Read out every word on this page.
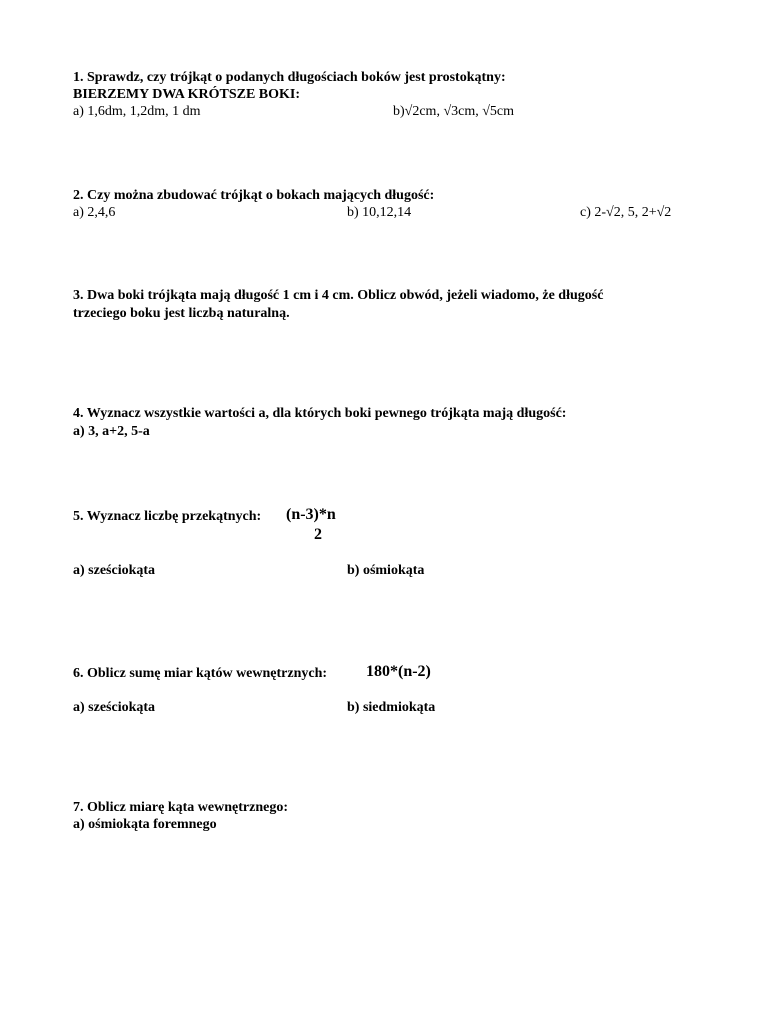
1. Sprawdz, czy trójkąt o podanych długościach boków jest prostokątny:
BIERZEMY DWA KRÓTSZE BOKI:
a) 1,6dm, 1,2dm, 1 dm	b)√2cm, √3cm, √5cm
2. Czy można zbudować trójkąt o bokach mających długość:
a) 2,4,6	b) 10,12,14	c) 2-√2, 5, 2+√2
3. Dwa boki trójkąta mają długość 1 cm i 4 cm. Oblicz obwód, jeżeli wiadomo, że długość
trzeciego boku jest liczbą naturalną.
4. Wyznacz wszystkie wartości a, dla których boki pewnego trójkąta mają długość:
a) 3, a+2, 5-a
5. Wyznacz liczbę przekątnych: (n-3)*n
2
a) sześciokąta	b) ośmiokąta
6. Oblicz sumę miar kątów wewnętrznych: 180*(n-2)
a) sześciokąta	b) siedmiokąta
7. Oblicz miarę kąta wewnętrznego:
a) ośmiokąta foremnego
